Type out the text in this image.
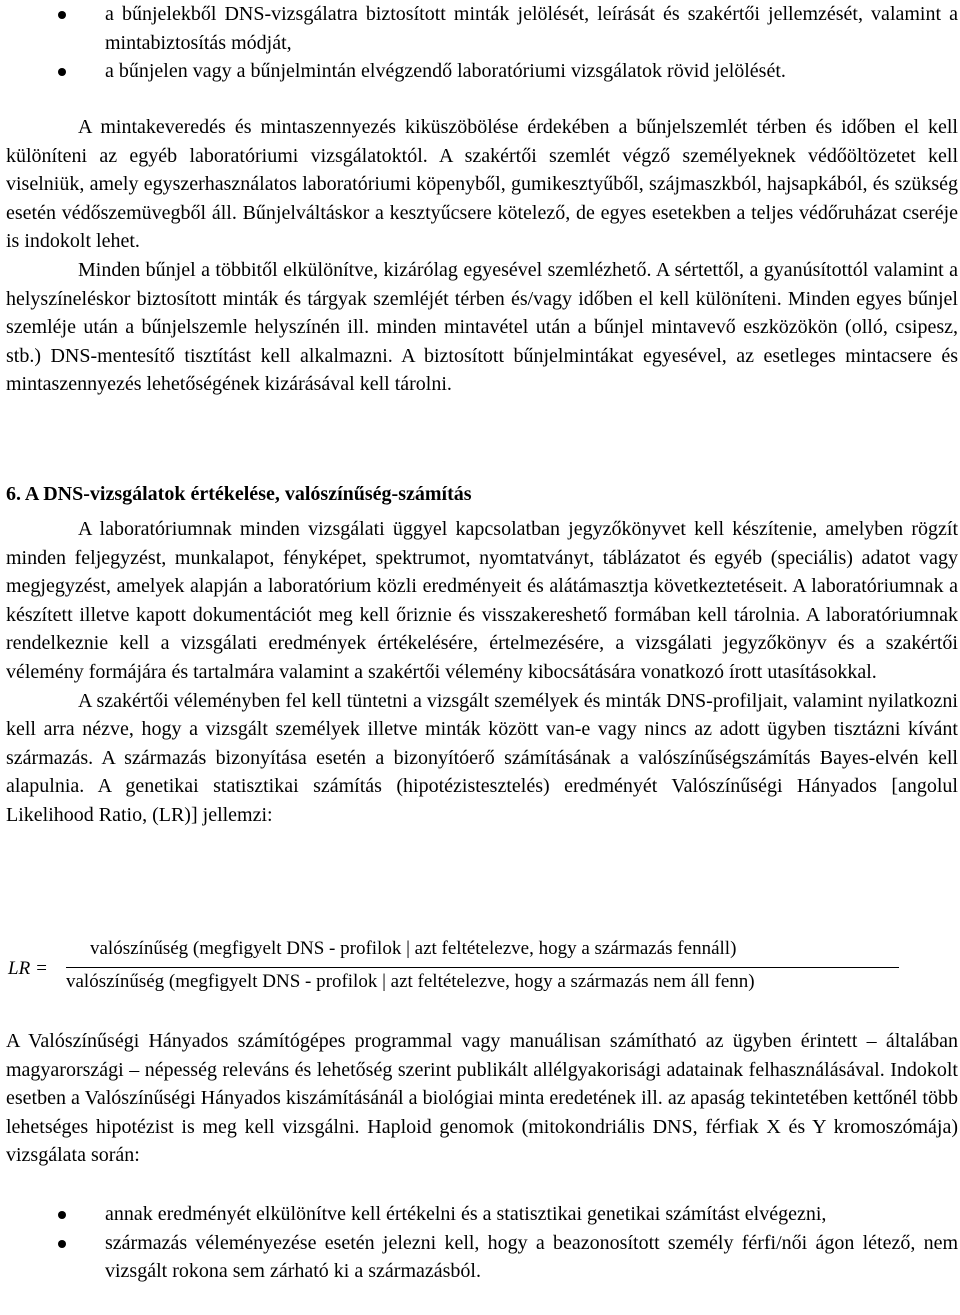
a bűnjelekből DNS-vizsgálatra biztosított minták jelölését, leírását és szakértői jellemzését, valamint a mintabiztosítás módját,
a bűnjelen vagy a bűnjelmintán elvégzendő laboratóriumi vizsgálatok rövid jelölését.

A mintakeveredés és mintaszennyezés kiküszöbölése érdekében a bűnjelszemlét térben és időben el kell különíteni az egyéb laboratóriumi vizsgálatoktól. A szakértői szemlét végző személyeknek védőöltözetet kell viselniük, amely egyszerhasználatos laboratóriumi köpenyből, gumikesztyűből, szájmaszkból, hajsapkából, és szükség esetén védőszemüvegből áll. Bűnjelváltáskor a kesztyűcsere kötelező, de egyes esetekben a teljes védőruházat cseréje is indokolt lehet.

Minden bűnjel a többitől elkülönítve, kizárólag egyesével szemlézhető. A sértettől, a gyanúsítottól valamint a helyszíneléskor biztosított minták és tárgyak szemléjét térben és/vagy időben el kell különíteni. Minden egyes bűnjel szemléje után a bűnjelszemle helyszínén ill. minden mintavétel után a bűnjel mintavevő eszközökön (olló, csipesz, stb.) DNS-mentesítő tisztítást kell alkalmazni. A biztosított bűnjelmintákat egyesével, az esetleges mintacsere és mintaszennyezés lehetőségének kizárásával kell tárolni.

6. A DNS-vizsgálatok értékelése, valószínűség-számítás

A laboratóriumnak minden vizsgálati üggyel kapcsolatban jegyzőkönyvet kell készítenie, amelyben rögzít minden feljegyzést, munkalapot, fényképet, spektrumot, nyomtatványt, táblázatot és egyéb (speciális) adatot vagy megjegyzést, amelyek alapján a laboratórium közli eredményeit és alátámasztja következtetéseit. A laboratóriumnak a készített illetve kapott dokumentációt meg kell őriznie és visszakereshető formában kell tárolnia. A laboratóriumnak rendelkeznie kell a vizsgálati eredmények értékelésére, értelmezésére, a vizsgálati jegyzőkönyv és a szakértői vélemény formájára és tartalmára valamint a szakértői vélemény kibocsátására vonatkozó írott utasításokkal.

A szakértői véleményben fel kell tüntetni a vizsgált személyek és minták DNS-profiljait, valamint nyilatkozni kell arra nézve, hogy a vizsgált személyek illetve minták között van-e vagy nincs az adott ügyben tisztázni kívánt származás. A származás bizonyítása esetén a bizonyítóerő számításának a valószínűségszámítás Bayes-elvén kell alapulnia. A genetikai statisztikai számítás (hipotézistesztelés) eredményét Valószínűségi Hányados [angolul Likelihood Ratio, (LR)] jellemzi:

LR =
valószínűség (megfigyelt DNS - profilok | azt feltételezve, hogy a származás fennáll)
valószínűség (megfigyelt DNS - profilok | azt feltételezve, hogy a származás nem áll fenn)

A Valószínűségi Hányados számítógépes programmal vagy manuálisan számítható az ügyben érintett – általában magyarországi – népesség releváns és lehetőség szerint publikált allélgyakorisági adatainak felhasználásával. Indokolt esetben a Valószínűségi Hányados kiszámításánál a biológiai minta eredetének ill. az apaság tekintetében kettőnél több lehetséges hipotézist is meg kell vizsgálni. Haploid genomok (mitokondriális DNS, férfiak X és Y kromoszómája) vizsgálata során:

annak eredményét elkülönítve kell értékelni és a statisztikai genetikai számítást elvégezni,
származás véleményezése esetén jelezni kell, hogy a beazonosított személy férfi/női ágon létező, nem vizsgált rokona sem zárható ki a származásból.
